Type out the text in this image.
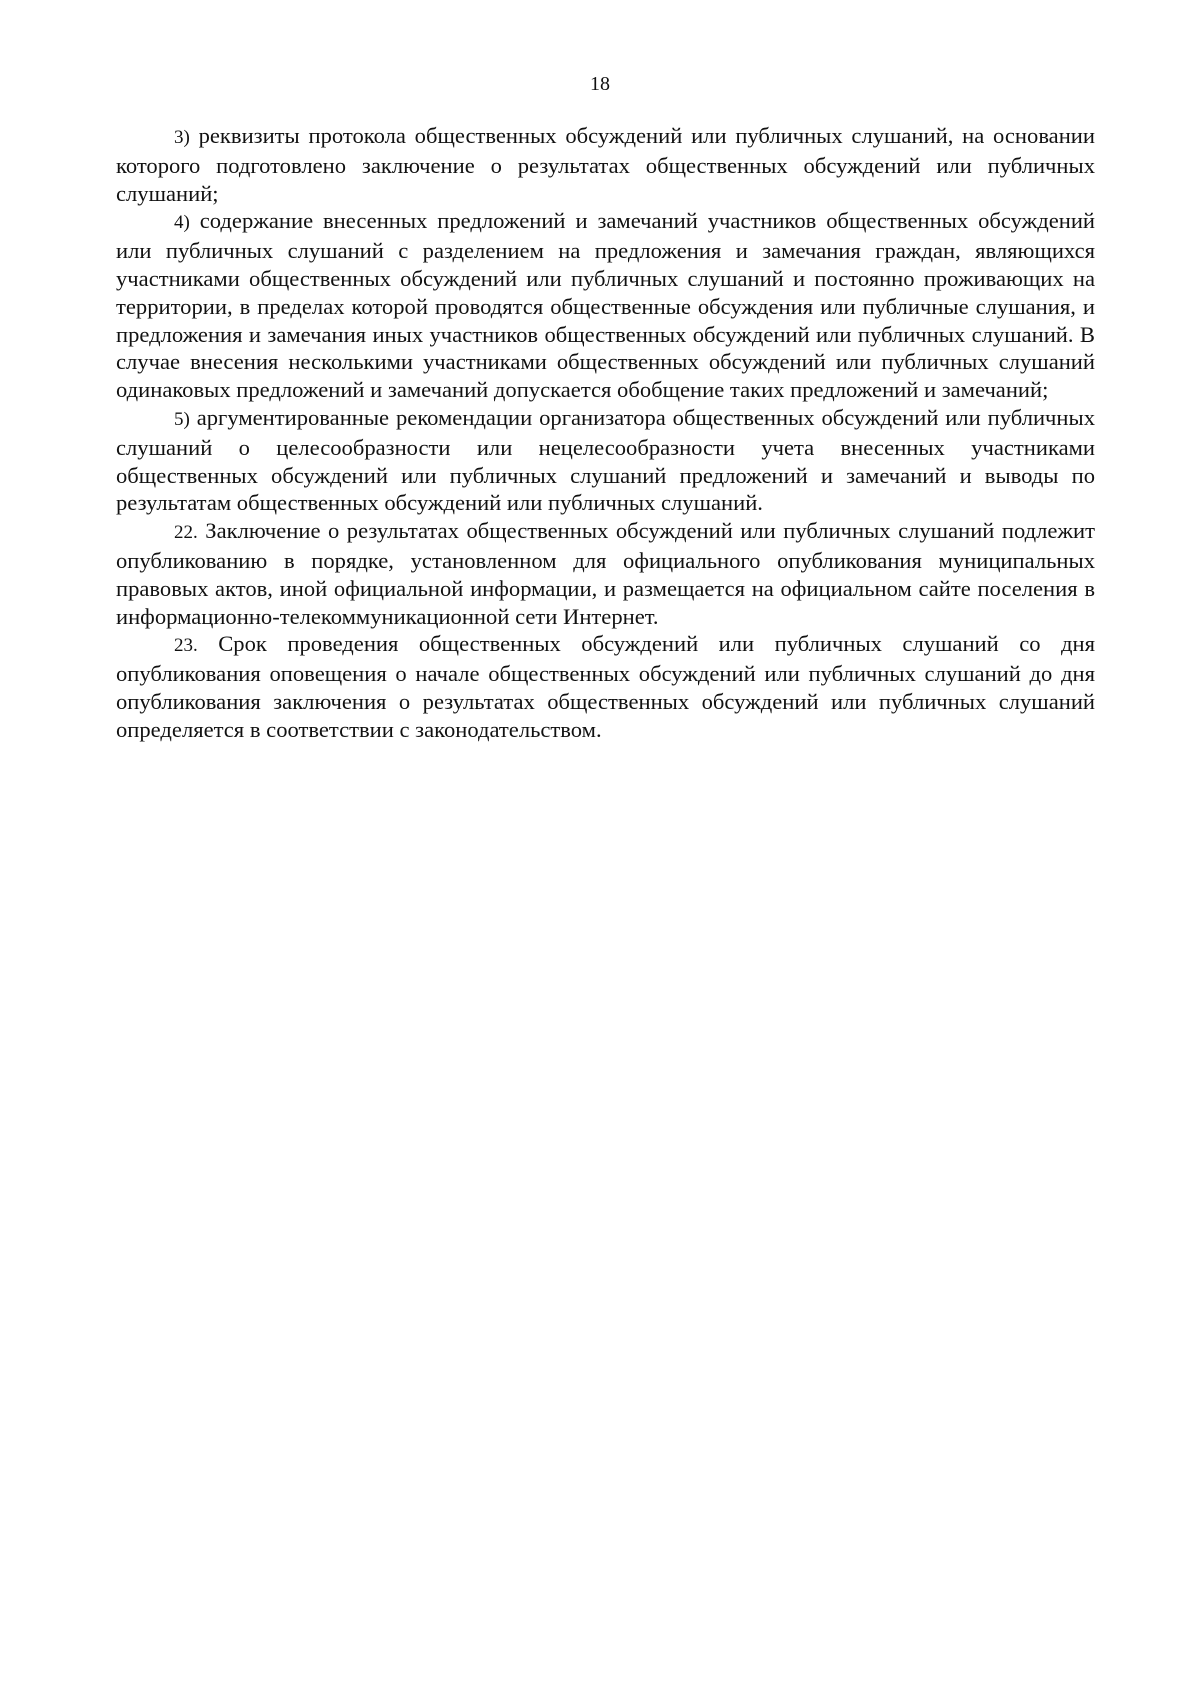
18

3) реквизиты протокола общественных обсуждений или публичных слушаний, на основании которого подготовлено заключение о результатах общественных обсуждений или публичных слушаний;

4) содержание внесенных предложений и замечаний участников общественных обсуждений или публичных слушаний с разделением на предложения и замечания граждан, являющихся участниками общественных обсуждений или публичных слушаний и постоянно проживающих на территории, в пределах которой проводятся общественные обсуждения или публичные слушания, и предложения и замечания иных участников общественных обсуждений или публичных слушаний. В случае внесения несколькими участниками общественных обсуждений или публичных слушаний одинаковых предложений и замечаний допускается обобщение таких предложений и замечаний;

5) аргументированные рекомендации организатора общественных обсуждений или публичных слушаний о целесообразности или нецелесообразности учета внесенных участниками общественных обсуждений или публичных слушаний предложений и замечаний и выводы по результатам общественных обсуждений или публичных слушаний.

22. Заключение о результатах общественных обсуждений или публичных слушаний подлежит опубликованию в порядке, установленном для официального опубликования муниципальных правовых актов, иной официальной информации, и размещается на официальном сайте поселения в информационно-телекоммуникационной сети Интернет.

23. Срок проведения общественных обсуждений или публичных слушаний со дня опубликования оповещения о начале общественных обсуждений или публичных слушаний до дня опубликования заключения о результатах общественных обсуждений или публичных слушаний определяется в соответствии с законодательством.
